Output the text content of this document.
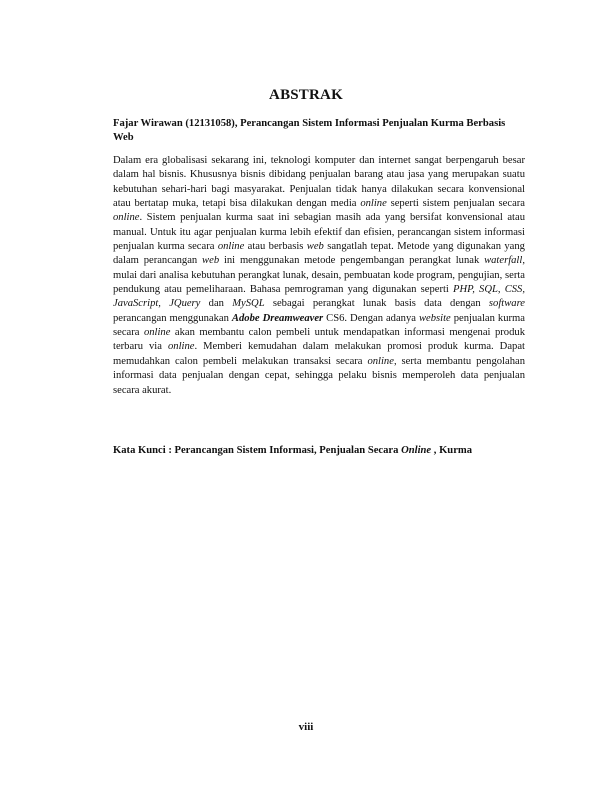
ABSTRAK
Fajar Wirawan (12131058), Perancangan Sistem Informasi Penjualan Kurma Berbasis Web
Dalam era globalisasi sekarang ini, teknologi komputer dan internet sangat berpengaruh besar dalam hal bisnis. Khususnya bisnis dibidang penjualan barang atau jasa yang merupakan suatu kebutuhan sehari-hari bagi masyarakat. Penjualan tidak hanya dilakukan secara konvensional atau bertatap muka, tetapi bisa dilakukan dengan media online seperti sistem penjualan secara online. Sistem penjualan kurma saat ini sebagian masih ada yang bersifat konvensional atau manual. Untuk itu agar penjualan kurma lebih efektif dan efisien, perancangan sistem informasi penjualan kurma secara online atau berbasis web sangatlah tepat. Metode yang digunakan yang dalam perancangan web ini menggunakan metode pengembangan perangkat lunak waterfall, mulai dari analisa kebutuhan perangkat lunak, desain, pembuatan kode program, pengujian, serta pendukung atau pemeliharaan. Bahasa pemrograman yang digunakan seperti PHP, SQL, CSS, JavaScript, JQuery dan MySQL sebagai perangkat lunak basis data dengan software perancangan menggunakan Adobe Dreamweaver CS6. Dengan adanya website penjualan kurma secara online akan membantu calon pembeli untuk mendapatkan informasi mengenai produk terbaru via online. Memberi kemudahan dalam melakukan promosi produk kurma. Dapat memudahkan calon pembeli melakukan transaksi secara online, serta membantu pengolahan informasi data penjualan dengan cepat, sehingga pelaku bisnis memperoleh data penjualan secara akurat.
Kata Kunci : Perancangan Sistem Informasi, Penjualan Secara Online , Kurma
viii
